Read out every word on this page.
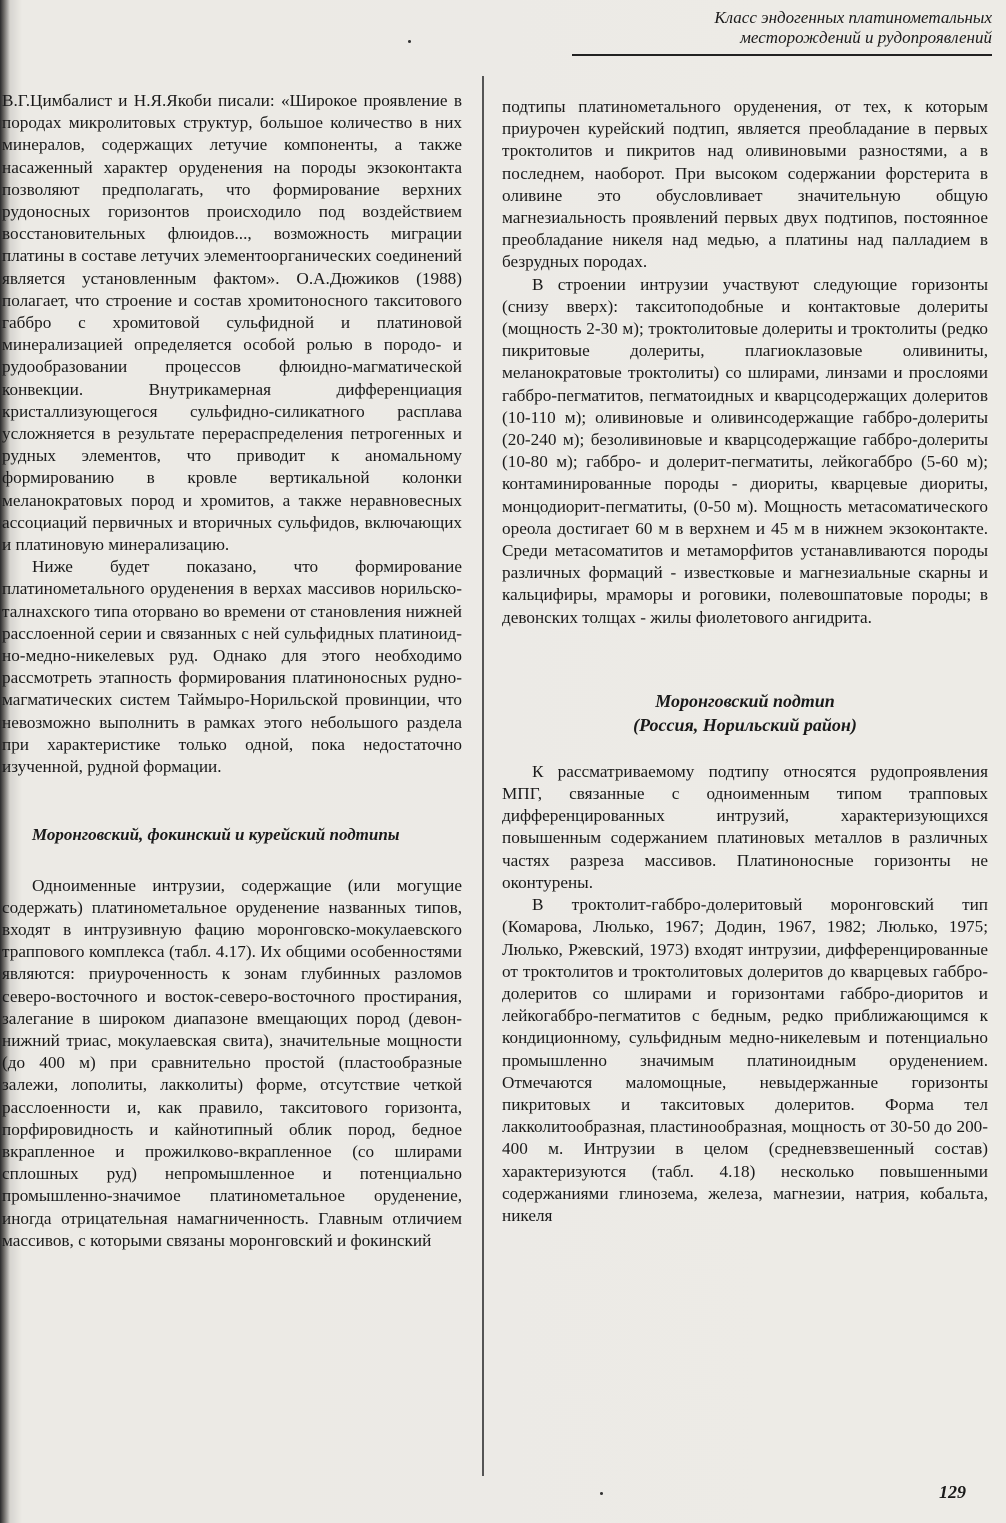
Класс эндогенных платинометальных
месторождений и рудопроявлений

В.Г.Цимбалист и Н.Я.Якоби писали: «Широкое проявление в породах микролитовых структур, большое количество в них минералов, содержащих летучие компоненты, а также насаженный характер оруденения на породы экзоконтакта позволяют предполагать, что формирование верхних рудоносных горизонтов происходило под воздействием восстановительных флюидов..., возможность миграции платины в составе летучих элементоорганических соединений является установленным фактом». О.А.Дюжиков (1988) полагает, что строение и состав хромитоносного такситового габбро с хромитовой сульфидной и платиновой минерализацией определяется особой ролью в породо- и рудообразовании процессов флюидно-магматической конвекции. Внутрикамерная дифференциация кристаллизующегося сульфидно-силикатного расплава усложняется в результате перераспределения петрогенных и рудных элементов, что приводит к аномальному формированию в кровле вертикальной колонки меланократовых пород и хромитов, а также неравновесных ассоциаций первичных и вторичных сульфидов, включающих и платиновую минерализацию.

Ниже будет показано, что формирование платинометального оруденения в верхах массивов норильско-талнахского типа оторвано во времени от становления нижней расслоенной серии и связанных с ней сульфидных платиноид-но-медно-никелевых руд. Однако для этого необходимо рассмотреть этапность формирования платиноносных рудно-магматических систем Таймыро-Норильской провинции, что невозможно выполнить в рамках этого небольшого раздела при характеристике только одной, пока недостаточно изученной, рудной формации.

Моронговский, фокинский и курейский подтипы

Одноименные интрузии, содержащие (или могущие содержать) платинометальное оруденение названных типов, входят в интрузивную фацию моронговско-мокулаевского траппового комплекса (табл. 4.17). Их общими особенностями являются: приуроченность к зонам глубинных разломов северо-восточного и восток-северо-восточного простирания, залегание в широком диапазоне вмещающих пород (девон-нижний триас, мокулаевская свита), значительные мощности (до 400 м) при сравнительно простой (пластообразные залежи, лополиты, лакколиты) форме, отсутствие четкой расслоенности и, как правило, такситового горизонта, порфировидность и кайнотипный облик пород, бедное вкрапленное и прожилково-вкрапленное (со шлирами сплошных руд) непромышленное и потенциально промышленно-значимое платинометальное оруденение, иногда отрицательная намагниченность. Главным отличием массивов, с которыми связаны моронговский и фокинский

подтипы платинометального оруденения, от тех, к которым приурочен курейский подтип, является преобладание в первых троктолитов и пикритов над оливиновыми разностями, а в последнем, наоборот. При высоком содержании форстерита в оливине это обусловливает значительную общую магнезиальность проявлений первых двух подтипов, постоянное преобладание никеля над медью, а платины над палладием в безрудных породах.

В строении интрузии участвуют следующие горизонты (снизу вверх): такситоподобные и контактовые долериты (мощность 2-30 м); троктолитовые долериты и троктолиты (редко пикритовые долериты, плагиоклазовые оливиниты, меланократовые троктолиты) со шлирами, линзами и прослоями габбро-пегматитов, пегматоидных и кварцсодержащих долеритов (10-110 м); оливиновые и оливинсодержащие габбро-долериты (20-240 м); безоливиновые и кварцсодержащие габбро-долериты (10-80 м); габбро- и долерит-пегматиты, лейкогаббро (5-60 м); контаминированные породы - диориты, кварцевые диориты, монцодиорит-пегматиты, (0-50 м). Мощность метасоматического ореола достигает 60 м в верхнем и 45 м в нижнем экзоконтакте. Среди метасоматитов и метаморфитов устанавливаются породы различных формаций - известковые и магнезиальные скарны и кальцифиры, мраморы и роговики, полевошпатовые породы; в девонских толщах - жилы фиолетового ангидрита.

Моронговский подтип
(Россия, Норильский район)

К рассматриваемому подтипу относятся рудопроявления МПГ, связанные с одноименным типом трапповых дифференцированных интрузий, характеризующихся повышенным содержанием платиновых металлов в различных частях разреза массивов. Платиноносные горизонты не оконтурены.

В троктолит-габбро-долеритовый моронговский тип (Комарова, Люлько, 1967; Додин, 1967, 1982; Люлько, 1975; Люлько, Ржевский, 1973) входят интрузии, дифференцированные от троктолитов и троктолитовых долеритов до кварцевых габбро-долеритов со шлирами и горизонтами габбро-диоритов и лейкогаббро-пегматитов с бедным, редко приближающимся к кондиционному, сульфидным медно-никелевым и потенциально промышленно значимым платиноидным оруденением. Отмечаются маломощные, невыдержанные горизонты пикритовых и такситовых долеритов. Форма тел лакколитообразная, пластинообразная, мощность от 30-50 до 200-400 м. Интрузии в целом (средневзвешенный состав) характеризуются (табл. 4.18) несколько повышенными содержаниями глинозема, железа, магнезии, натрия, кобальта, никеля

129
